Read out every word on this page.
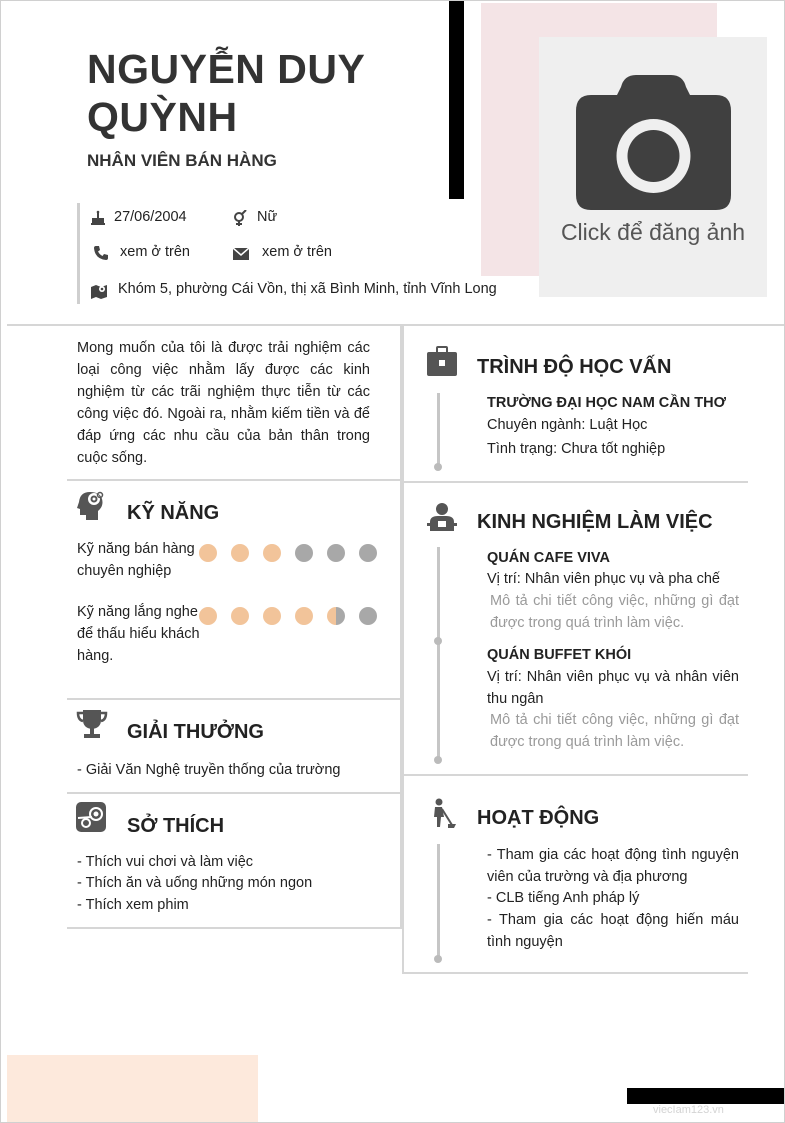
NGUYỄN DUY QUỲNH
NHÂN VIÊN BÁN HÀNG
Click để đăng ảnh
27/06/2004	Nữ
xem ở trên	xem ở trên
Khóm 5, phường Cái Vồn, thị xã Bình Minh, tỉnh Vĩnh Long
Mong muốn của tôi là được trải nghiệm các loại công việc nhằm lấy được các kinh nghiệm từ các trãi nghiệm thực tiễn từ các công việc đó. Ngoài ra, nhằm kiếm tiền và để đáp ứng các nhu cầu của bản thân trong cuộc sống.
KỸ NĂNG
Kỹ năng bán hàng chuyên nghiệp
Kỹ năng lắng nghe để thấu hiểu khách hàng.
GIẢI THƯỞNG
- Giải Văn Nghệ truyền thống của trường
SỞ THÍCH
- Thích vui chơi và làm việc
- Thích ăn và uống những món ngon
- Thích xem phim
TRÌNH ĐỘ HỌC VẤN
TRƯỜNG ĐẠI HỌC NAM CẦN THƠ
Chuyên ngành: Luật Học
Tình trạng: Chưa tốt nghiệp
KINH NGHIỆM LÀM VIỆC
QUÁN CAFE VIVA
Vị trí: Nhân viên phục vụ và pha chế
Mô tả chi tiết công việc, những gì đạt được trong quá trình làm việc.
QUÁN BUFFET KHÓI
Vị trí: Nhân viên phục vụ và nhân viên thu ngân
Mô tả chi tiết công việc, những gì đạt được trong quá trình làm việc.
HOẠT ĐỘNG
- Tham gia các hoạt động tình nguyện viên của trường và địa phương
- CLB tiếng Anh pháp lý
- Tham gia các hoạt động hiến máu tình nguyện
viecIam123.vn
